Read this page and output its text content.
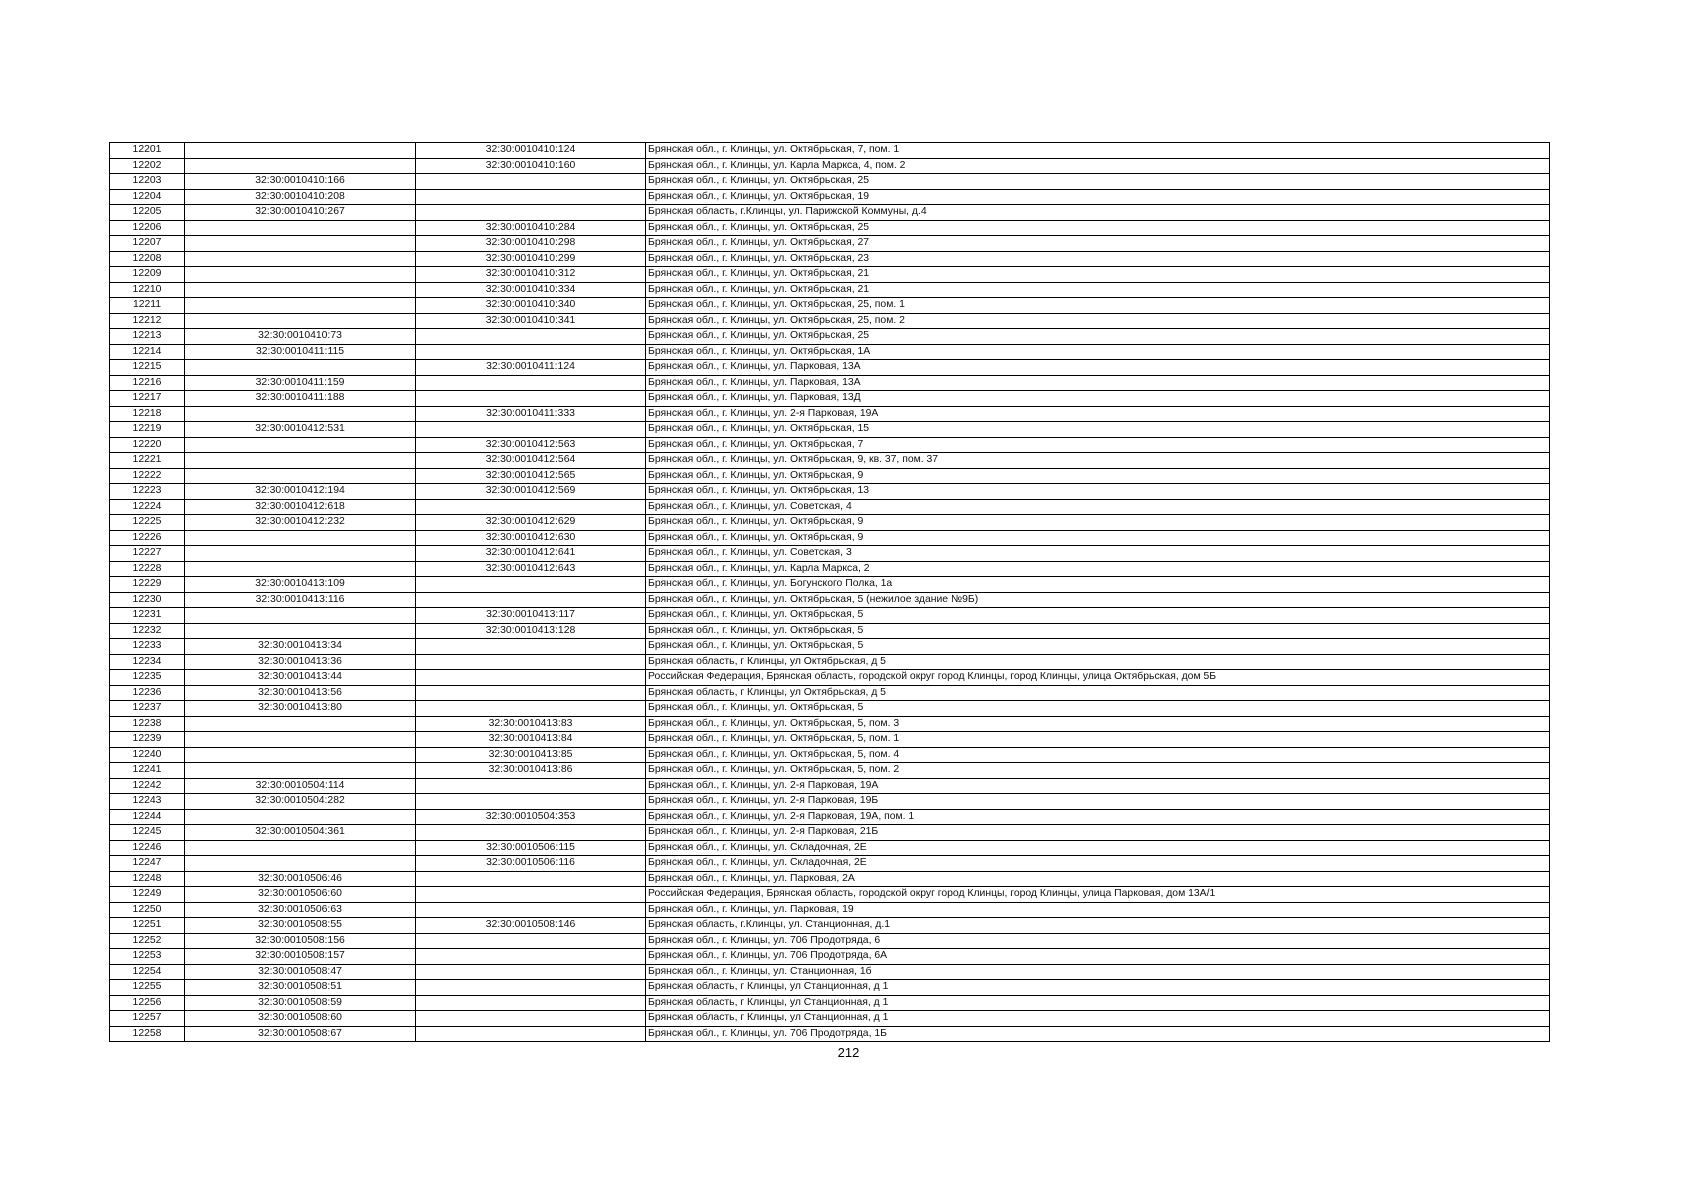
12201		32:30:0010410:124	Брянская обл., г. Клинцы, ул. Октябрьская, 7, пом. 1
12202		32:30:0010410:160	Брянская обл., г. Клинцы, ул. Карла Маркса, 4, пом. 2
12203	32:30:0010410:166		Брянская обл., г. Клинцы, ул. Октябрьская, 25
12204	32:30:0010410:208		Брянская обл., г. Клинцы, ул. Октябрьская, 19
12205	32:30:0010410:267		Брянская область, г.Клинцы, ул. Парижской Коммуны, д.4
12206		32:30:0010410:284	Брянская обл., г. Клинцы, ул. Октябрьская, 25
12207		32:30:0010410:298	Брянская обл., г. Клинцы, ул. Октябрьская, 27
12208		32:30:0010410:299	Брянская обл., г. Клинцы, ул. Октябрьская, 23
12209		32:30:0010410:312	Брянская обл., г. Клинцы, ул. Октябрьская, 21
12210		32:30:0010410:334	Брянская обл., г. Клинцы, ул. Октябрьская, 21
12211		32:30:0010410:340	Брянская обл., г. Клинцы, ул. Октябрьская, 25, пом. 1
12212		32:30:0010410:341	Брянская обл., г. Клинцы, ул. Октябрьская, 25, пом. 2
12213	32:30:0010410:73		Брянская обл., г. Клинцы, ул. Октябрьская, 25
12214	32:30:0010411:115		Брянская обл., г. Клинцы, ул. Октябрьская, 1А
12215		32:30:0010411:124	Брянская обл., г. Клинцы, ул. Парковая, 13А
12216	32:30:0010411:159		Брянская обл., г. Клинцы, ул. Парковая, 13А
12217	32:30:0010411:188		Брянская обл., г. Клинцы, ул. Парковая, 13Д
12218		32:30:0010411:333	Брянская обл., г. Клинцы, ул. 2-я Парковая, 19А
12219	32:30:0010412:531		Брянская обл., г. Клинцы, ул. Октябрьская, 15
12220		32:30:0010412:563	Брянская обл., г. Клинцы, ул. Октябрьская, 7
12221		32:30:0010412:564	Брянская обл., г. Клинцы, ул. Октябрьская, 9, кв. 37, пом. 37
12222		32:30:0010412:565	Брянская обл., г. Клинцы, ул. Октябрьская, 9
12223	32:30:0010412:194	32:30:0010412:569	Брянская обл., г. Клинцы, ул. Октябрьская, 13
12224	32:30:0010412:618		Брянская обл., г. Клинцы, ул. Советская, 4
12225	32:30:0010412:232	32:30:0010412:629	Брянская обл., г. Клинцы, ул. Октябрьская, 9
12226		32:30:0010412:630	Брянская обл., г. Клинцы, ул. Октябрьская, 9
12227		32:30:0010412:641	Брянская обл., г. Клинцы, ул. Советская, 3
12228		32:30:0010412:643	Брянская обл., г. Клинцы, ул. Карла Маркса, 2
12229	32:30:0010413:109		Брянская обл., г. Клинцы, ул. Богунского Полка, 1а
12230	32:30:0010413:116		Брянская обл., г. Клинцы, ул. Октябрьская, 5 (нежилое здание №9Б)
12231		32:30:0010413:117	Брянская обл., г. Клинцы, ул. Октябрьская, 5
12232		32:30:0010413:128	Брянская обл., г. Клинцы, ул. Октябрьская, 5
12233	32:30:0010413:34		Брянская обл., г. Клинцы, ул. Октябрьская, 5
12234	32:30:0010413:36		Брянская область, г Клинцы, ул Октябрьская, д 5
12235	32:30:0010413:44		Российская Федерация, Брянская область, городской округ город Клинцы, город Клинцы, улица Октябрьская, дом 5Б
12236	32:30:0010413:56		Брянская область, г Клинцы, ул Октябрьская, д 5
12237	32:30:0010413:80		Брянская обл., г. Клинцы, ул. Октябрьская, 5
12238		32:30:0010413:83	Брянская обл., г. Клинцы, ул. Октябрьская, 5, пом. 3
12239		32:30:0010413:84	Брянская обл., г. Клинцы, ул. Октябрьская, 5, пом. 1
12240		32:30:0010413:85	Брянская обл., г. Клинцы, ул. Октябрьская, 5, пом. 4
12241		32:30:0010413:86	Брянская обл., г. Клинцы, ул. Октябрьская, 5, пом. 2
12242	32:30:0010504:114		Брянская обл., г. Клинцы, ул. 2-я Парковая, 19А
12243	32:30:0010504:282		Брянская обл., г. Клинцы, ул. 2-я Парковая, 19Б
12244		32:30:0010504:353	Брянская обл., г. Клинцы, ул. 2-я Парковая, 19А, пом. 1
12245	32:30:0010504:361		Брянская обл., г. Клинцы, ул. 2-я Парковая, 21Б
12246		32:30:0010506:115	Брянская обл., г. Клинцы, ул. Складочная, 2Е
12247		32:30:0010506:116	Брянская обл., г. Клинцы, ул. Складочная, 2Е
12248	32:30:0010506:46		Брянская обл., г. Клинцы, ул. Парковая, 2А
12249	32:30:0010506:60		Российская Федерация, Брянская область, городской округ город Клинцы, город Клинцы, улица Парковая, дом 13А/1
12250	32:30:0010506:63		Брянская обл., г. Клинцы, ул. Парковая, 19
12251	32:30:0010508:55	32:30:0010508:146	Брянская область, г.Клинцы, ул. Станционная, д.1
12252	32:30:0010508:156		Брянская обл., г. Клинцы, ул. 706 Продотряда, 6
12253	32:30:0010508:157		Брянская обл., г. Клинцы, ул. 706 Продотряда, 6А
12254	32:30:0010508:47		Брянская обл., г. Клинцы, ул. Станционная, 1б
12255	32:30:0010508:51		Брянская область, г Клинцы, ул Станционная, д 1
12256	32:30:0010508:59		Брянская область, г Клинцы, ул Станционная, д 1
12257	32:30:0010508:60		Брянская область, г Клинцы, ул Станционная, д 1
12258	32:30:0010508:67		Брянская обл., г. Клинцы, ул. 706 Продотряда, 1Б
212
